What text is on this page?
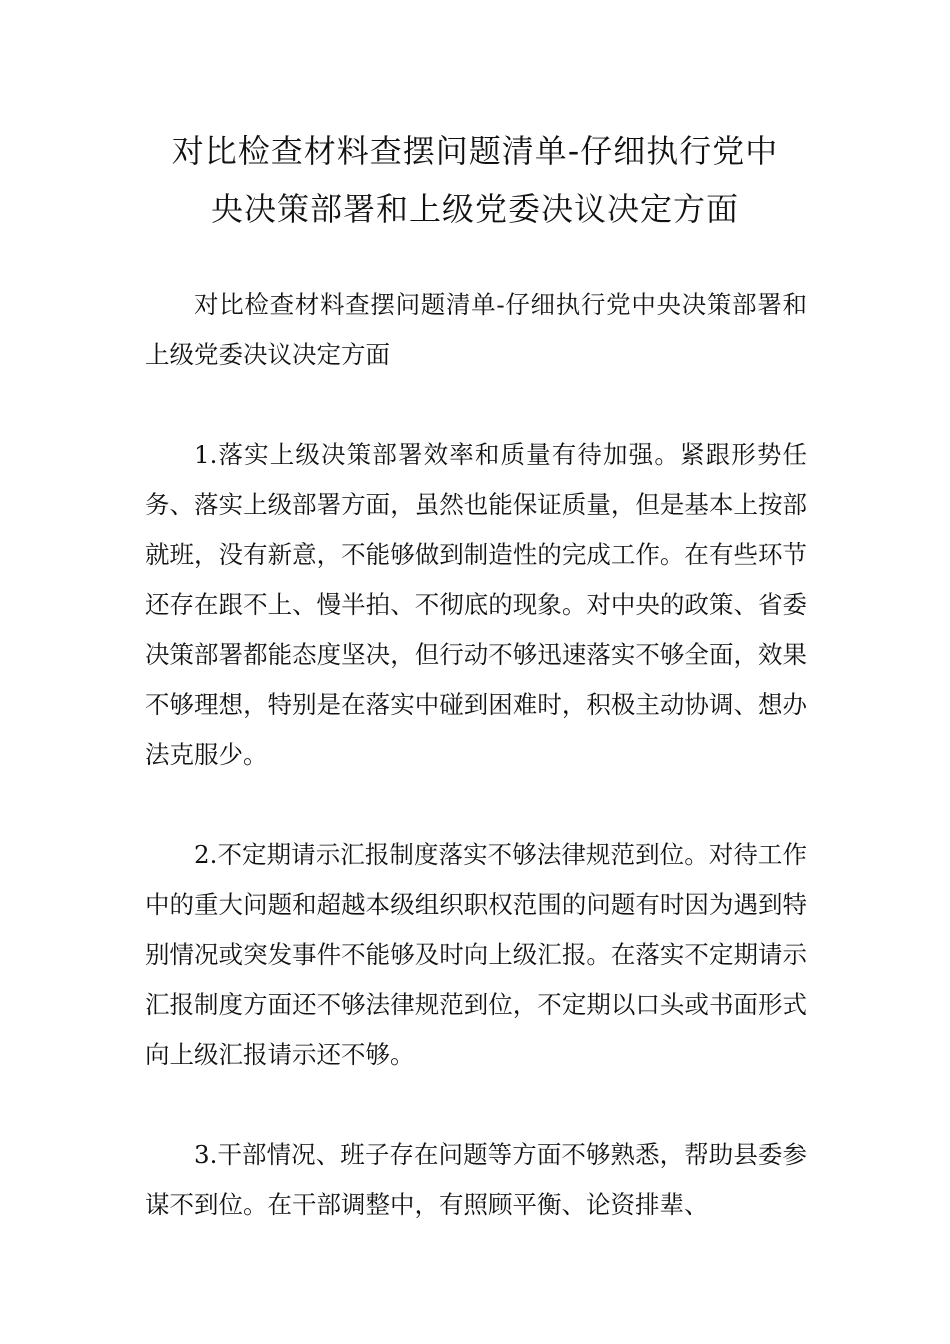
对比检查材料查摆问题清单-仔细执行党中
央决策部署和上级党委决议决定方面

对比检查材料查摆问题清单-仔细执行党中央决策部署和上级党委决议决定方面

1.落实上级决策部署效率和质量有待加强。紧跟形势任务、落实上级部署方面，虽然也能保证质量，但是基本上按部就班，没有新意，不能够做到制造性的完成工作。在有些环节还存在跟不上、慢半拍、不彻底的现象。对中央的政策、省委决策部署都能态度坚决，但行动不够迅速落实不够全面，效果不够理想，特别是在落实中碰到困难时，积极主动协调、想办法克服少。

2.不定期请示汇报制度落实不够法律规范到位。对待工作中的重大问题和超越本级组织职权范围的问题有时因为遇到特别情况或突发事件不能够及时向上级汇报。在落实不定期请示汇报制度方面还不够法律规范到位，不定期以口头或书面形式向上级汇报请示还不够。

3.干部情况、班子存在问题等方面不够熟悉，帮助县委参谋不到位。在干部调整中，有照顾平衡、论资排辈、
